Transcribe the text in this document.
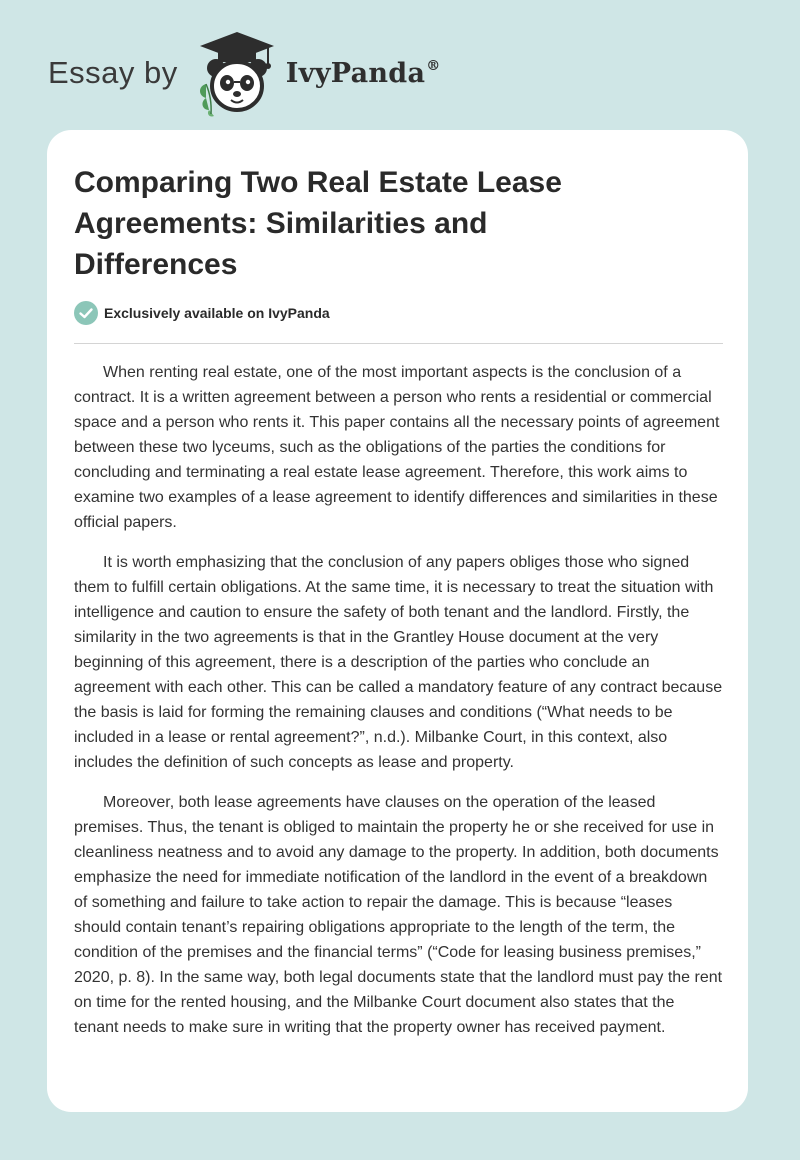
Essay by	IvyPanda®
Comparing Two Real Estate Lease Agreements: Similarities and Differences
Exclusively available on IvyPanda

When renting real estate, one of the most important aspects is the conclusion of a contract. It is a written agreement between a person who rents a residential or commercial space and a person who rents it. This paper contains all the necessary points of agreement between these two lyceums, such as the obligations of the parties the conditions for concluding and terminating a real estate lease agreement. Therefore, this work aims to examine two examples of a lease agreement to identify differences and similarities in these official papers.

It is worth emphasizing that the conclusion of any papers obliges those who signed them to fulfill certain obligations. At the same time, it is necessary to treat the situation with intelligence and caution to ensure the safety of both tenant and the landlord. Firstly, the similarity in the two agreements is that in the Grantley House document at the very beginning of this agreement, there is a description of the parties who conclude an agreement with each other. This can be called a mandatory feature of any contract because the basis is laid for forming the remaining clauses and conditions (“What needs to be included in a lease or rental agreement?”, n.d.). Milbanke Court, in this context, also includes the definition of such concepts as lease and property.

Moreover, both lease agreements have clauses on the operation of the leased premises. Thus, the tenant is obliged to maintain the property he or she received for use in cleanliness neatness and to avoid any damage to the property. In addition, both documents emphasize the need for immediate notification of the landlord in the event of a breakdown of something and failure to take action to repair the damage. This is because “leases should contain tenant’s repairing obligations appropriate to the length of the term, the condition of the premises and the financial terms” (“Code for leasing business premises,” 2020, p. 8). In the same way, both legal documents state that the landlord must pay the rent on time for the rented housing, and the Milbanke Court document also states that the tenant needs to make sure in writing that the property owner has received payment.
